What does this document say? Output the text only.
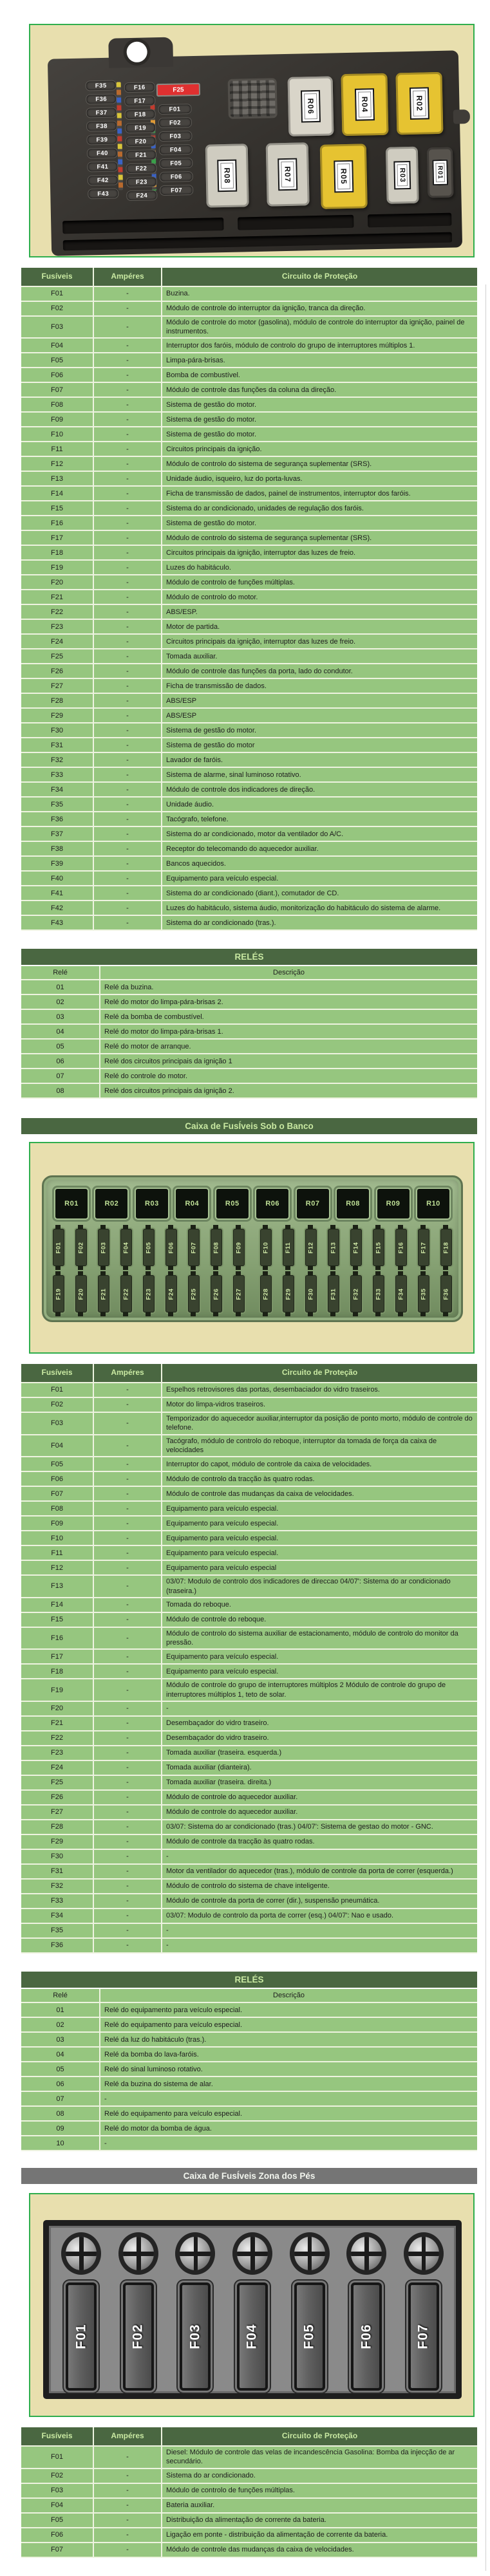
F35
F36
F37
F38
F39
F40
F41
F42
F43
F16
F17
F18
F19
F20
F21
F22
F23
F24
F25
F01
F02
F03
F04
F05
F06
F07
R06	R04	R02
R08	R07	R05	R03	R01
Fusíveis	Ampéres	Circuito de Proteção
F01	-	Buzina.
F02	-	Módulo de controle do interruptor da ignição, tranca da direção.
F03	-	Módulo de controle do motor (gasolina), módulo de controle do interruptor da ignição, painel de instrumentos.
F04	-	Interruptor dos faróis, módulo de controlo do grupo de interruptores múltiplos 1.
F05	-	Limpa-pára-brisas.
F06	-	Bomba de combustível.
F07	-	Módulo de controle das funções da coluna da direção.
F08	-	Sistema de gestão do motor.
F09	-	Sistema de gestão do motor.
F10	-	Sistema de gestão do motor.
F11	-	Circuitos principais da ignição.
F12	-	Módulo de controlo do sistema de segurança suplementar (SRS).
F13	-	Unidade áudio, isqueiro, luz do porta-luvas.
F14	-	Ficha de transmissão de dados, painel de instrumentos, interruptor dos faróis.
F15	-	Sistema do ar condicionado, unidades de regulação dos faróis.
F16	-	Sistema de gestão do motor.
F17	-	Módulo de controlo do sistema de segurança suplementar (SRS).
F18	-	Circuitos principais da ignição, interruptor das luzes de freio.
F19	-	Luzes do habitáculo.
F20	-	Módulo de controlo de funções múltiplas.
F21	-	Módulo de controlo do motor.
F22	-	ABS/ESP.
F23	-	Motor de partida.
F24	-	Circuitos principais da ignição, interruptor das luzes de freio.
F25	-	Tomada auxiliar.
F26	-	Módulo de controle das funções da porta, lado do condutor.
F27	-	Ficha de transmissão de dados.
F28	-	ABS/ESP
F29	-	ABS/ESP
F30	-	Sistema de gestão do motor.
F31	-	Sistema de gestão do motor
F32	-	Lavador de faróis.
F33	-	Sistema de alarme, sinal luminoso rotativo.
F34	-	Módulo de controle dos indicadores de direção.
F35	-	Unidade áudio.
F36	-	Tacógrafo, telefone.
F37	-	Sistema do ar condicionado, motor da ventilador do A/C.
F38	-	Receptor do telecomando do aquecedor auxiliar.
F39	-	Bancos aquecidos.
F40	-	Equipamento para veículo especial.
F41	-	Sistema do ar condicionado (diant.), comutador de CD.
F42	-	Luzes do habitáculo, sistema áudio, monitorização do habitáculo do sistema de alarme.
F43	-	Sistema do ar condicionado (tras.).
RELÉS
Relé	Descrição
01	Relé da buzina.
02	Relé do motor do limpa-pára-brisas 2.
03	Relé da bomba de combustível.
04	Relé do motor do limpa-pára-brisas 1.
05	Relé do motor de arranque.
06	Relé dos circuitos principais da ignição 1
07	Relé do controle do motor.
08	Relé dos circuitos principais da ignição 2.
Caixa de FusÍveis Sob o Banco
R01	R02	R03	R04	R05	R06	R07	R08	R09	R10
F01	F02	F03	F04	F05	F06	F07	F08	F09	F10	F11	F12	F13	F14	F15	F16	F17	F18
F19	F20	F21	F22	F23	F24	F25	F26	F27	F28	F29	F30	F31	F32	F33	F34	F35	F36
Fusíveis	Ampéres	Circuito de Proteção
F01	-	Espelhos retrovisores das portas, desembaciador do vidro traseiros.
F02	-	Motor do limpa-vidros traseiros.
F03	-	Temporizador do aquecedor auxiliar,interruptor da posição de ponto morto, módulo de controle do telefone.
F04	-	Tacógrafo, módulo de controlo do reboque, interruptor da tomada de força da caixa de velocidades
F05	-	Interruptor do capot, módulo de controle da caixa de velocidades.
F06	-	Módulo de controlo da tracção às quatro rodas.
F07	-	Módulo de controle das mudanças da caixa de velocidades.
F08	-	Equipamento para veículo especial.
F09	-	Equipamento para veículo especial.
F10	-	Equipamento para veículo especial.
F11	-	Equipamento para veículo especial.
F12	-	Equipamento para veículo especial
F13	-	03/07: Modulo de controlo dos indicadores de direccao 04/07': Sistema do ar condicionado (traseira.)
F14	-	Tomada do reboque.
F15	-	Módulo de controle do reboque.
F16	-	Módulo de controlo do sistema auxiliar de estacionamento, módulo de controlo do monitor da pressão.
F17	-	Equipamento para veículo especial.
F18	-	Equipamento para veículo especial.
F19	-	Módulo de controle do grupo de interruptores múltiplos 2 Módulo de controle do grupo de interruptores múltiplos 1, teto de solar.
F20	-	-
F21	-	Desembaçador do vidro traseiro.
F22	-	Desembaçador do vidro traseiro.
F23	-	Tomada auxiliar (traseira. esquerda.)
F24	-	Tomada auxiliar (dianteira).
F25	-	Tomada auxiliar (traseira. direita.)
F26	-	Módulo de controle do aquecedor auxiliar.
F27	-	Módulo de controle do aquecedor auxiliar.
F28	-	03/07: Sistema do ar condicionado (tras.) 04/07': Sistema de gestao do motor - GNC.
F29	-	Módulo de controle da tracção às quatro rodas.
F30	-	-
F31	-	Motor da ventilador do aquecedor (tras.), módulo de controle da porta de correr (esquerda.)
F32	-	Módulo de controlo do sistema de chave inteligente.
F33	-	Módulo de controle da porta de correr (dir.), suspensão pneumática.
F34	-	03/07: Modulo de controlo da porta de correr (esq.) 04/07': Nao e usado.
F35	-	-
F36	-	-
RELÉS
Relé	Descrição
01	Relé do equipamento para veículo especial.
02	Relé do equipamento para veículo especial.
03	Relé da luz do habitáculo (tras.).
04	Relé da bomba do lava-faróis.
05	Relé do sinal luminoso rotativo.
06	Relé da buzina do sistema de alar.
07	-
08	Relé do equipamento para veículo especial.
09	Relé do motor da bomba de água.
10	-
Caixa de FusÍveis Zona dos Pés
F01	F02	F03	F04	F05	F06	F07
Fusíveis	Ampéres	Circuito de Proteção
F01	-	Diesel: Módulo de controle das velas de incandescência Gasolina: Bomba da injecção de ar secundário.
F02	-	Sistema do ar condicionado.
F03	-	Módulo de controlo de funções múltiplas.
F04	-	Bateria auxiliar.
F05	-	Distribuição da alimentação de corrente da bateria.
F06	-	Ligação em ponte - distribuição da alimentação de corrente da bateria.
F07	-	Módulo de controle das mudanças da caixa de velocidades.
